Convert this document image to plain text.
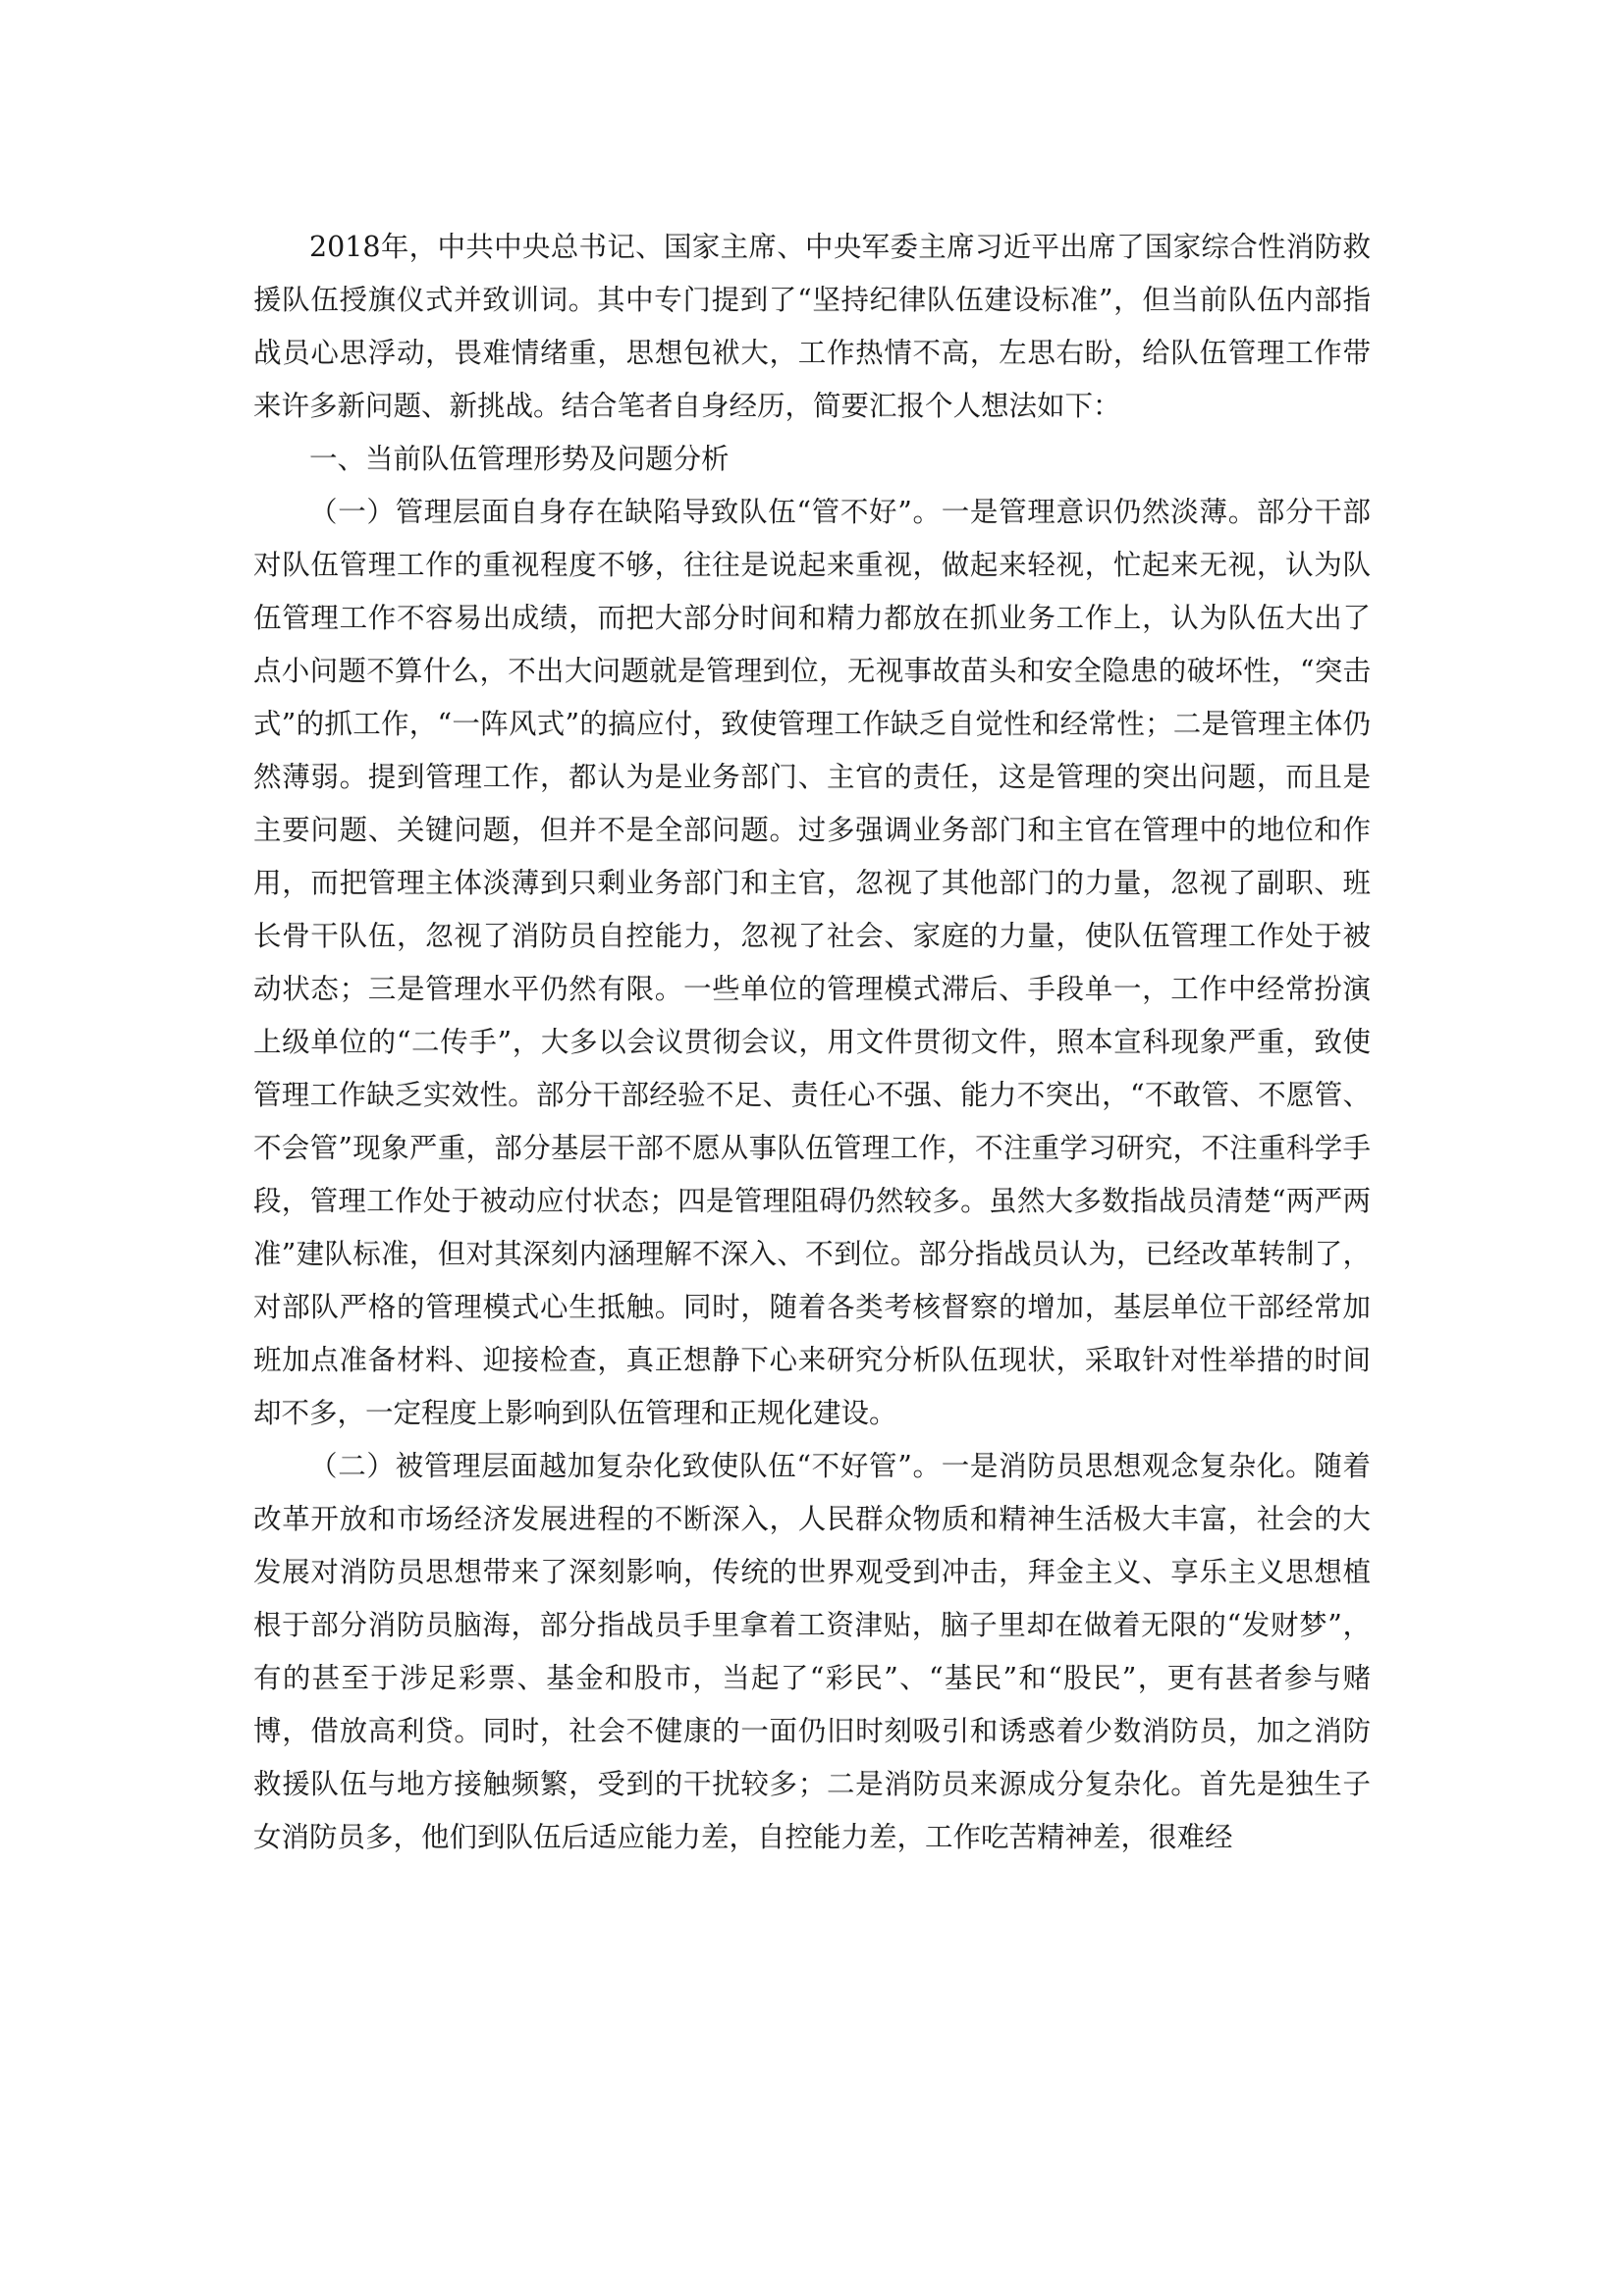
2018年，中共中央总书记、国家主席、中央军委主席习近平出席了国家综合性消防救援队伍授旗仪式并致训词。其中专门提到了“坚持纪律队伍建设标准”，但当前队伍内部指战员心思浮动，畏难情绪重，思想包袱大，工作热情不高，左思右盼，给队伍管理工作带来许多新问题、新挑战。结合笔者自身经历，简要汇报个人想法如下：

一、当前队伍管理形势及问题分析

（一）管理层面自身存在缺陷导致队伍“管不好”。一是管理意识仍然淡薄。部分干部对队伍管理工作的重视程度不够，往往是说起来重视，做起来轻视，忙起来无视，认为队伍管理工作不容易出成绩，而把大部分时间和精力都放在抓业务工作上，认为队伍大出了点小问题不算什么，不出大问题就是管理到位，无视事故苗头和安全隐患的破坏性，“突击式”的抓工作，“一阵风式”的搞应付，致使管理工作缺乏自觉性和经常性；二是管理主体仍然薄弱。提到管理工作，都认为是业务部门、主官的责任，这是管理的突出问题，而且是主要问题、关键问题，但并不是全部问题。过多强调业务部门和主官在管理中的地位和作用，而把管理主体淡薄到只剩业务部门和主官，忽视了其他部门的力量，忽视了副职、班长骨干队伍，忽视了消防员自控能力，忽视了社会、家庭的力量，使队伍管理工作处于被动状态；三是管理水平仍然有限。一些单位的管理模式滞后、手段单一，工作中经常扮演上级单位的“二传手”，大多以会议贯彻会议，用文件贯彻文件，照本宣科现象严重，致使管理工作缺乏实效性。部分干部经验不足、责任心不强、能力不突出，“不敢管、不愿管、不会管”现象严重，部分基层干部不愿从事队伍管理工作，不注重学习研究，不注重科学手段，管理工作处于被动应付状态；四是管理阻碍仍然较多。虽然大多数指战员清楚“两严两准”建队标准，但对其深刻内涵理解不深入、不到位。部分指战员认为，已经改革转制了，对部队严格的管理模式心生抵触。同时，随着各类考核督察的增加，基层单位干部经常加班加点准备材料、迎接检查，真正想静下心来研究分析队伍现状，采取针对性举措的时间却不多，一定程度上影响到队伍管理和正规化建设。

（二）被管理层面越加复杂化致使队伍“不好管”。一是消防员思想观念复杂化。随着改革开放和市场经济发展进程的不断深入，人民群众物质和精神生活极大丰富，社会的大发展对消防员思想带来了深刻影响，传统的世界观受到冲击，拜金主义、享乐主义思想植根于部分消防员脑海，部分指战员手里拿着工资津贴，脑子里却在做着无限的“发财梦”，有的甚至于涉足彩票、基金和股市，当起了“彩民”、“基民”和“股民”，更有甚者参与赌博，借放高利贷。同时，社会不健康的一面仍旧时刻吸引和诱惑着少数消防员，加之消防救援队伍与地方接触频繁，受到的干扰较多；二是消防员来源成分复杂化。首先是独生子女消防员多，他们到队伍后适应能力差，自控能力差，工作吃苦精神差，很难经
